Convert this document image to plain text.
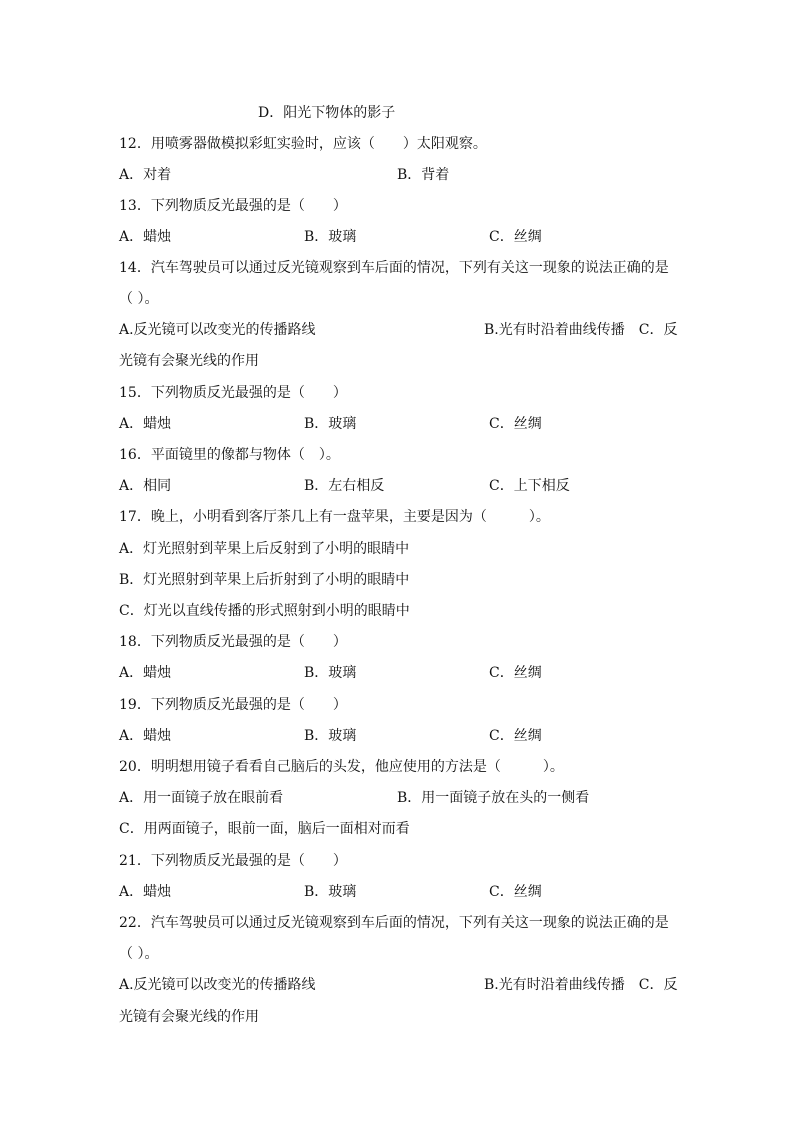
D．阳光下物体的影子
12．用喷雾器做模拟彩虹实验时，应该（　　）太阳观察。
A．对着	B．背着
13．下列物质反光最强的是（　　）
A．蜡烛	B．玻璃	C．丝绸
14．汽车驾驶员可以通过反光镜观察到车后面的情况，下列有关这一现象的说法正确的是
（ ）。
A.反光镜可以改变光的传播路线	B.光有时沿着曲线传播　C．反
光镜有会聚光线的作用
15．下列物质反光最强的是（　　）
A．蜡烛	B．玻璃	C．丝绸
16．平面镜里的像都与物体（　）。
A．相同	B．左右相反	C．上下相反
17．晚上，小明看到客厅茶几上有一盘苹果，主要是因为（　　　）。
A．灯光照射到苹果上后反射到了小明的眼睛中
B．灯光照射到苹果上后折射到了小明的眼睛中
C．灯光以直线传播的形式照射到小明的眼睛中
18．下列物质反光最强的是（　　）
A．蜡烛	B．玻璃	C．丝绸
19．下列物质反光最强的是（　　）
A．蜡烛	B．玻璃	C．丝绸
20．明明想用镜子看看自己脑后的头发，他应使用的方法是（　　　）。
A．用一面镜子放在眼前看	B．用一面镜子放在头的一侧看
C．用两面镜子，眼前一面，脑后一面相对而看
21．下列物质反光最强的是（　　）
A．蜡烛	B．玻璃	C．丝绸
22．汽车驾驶员可以通过反光镜观察到车后面的情况，下列有关这一现象的说法正确的是
（ ）。
A.反光镜可以改变光的传播路线	B.光有时沿着曲线传播　C．反
光镜有会聚光线的作用
